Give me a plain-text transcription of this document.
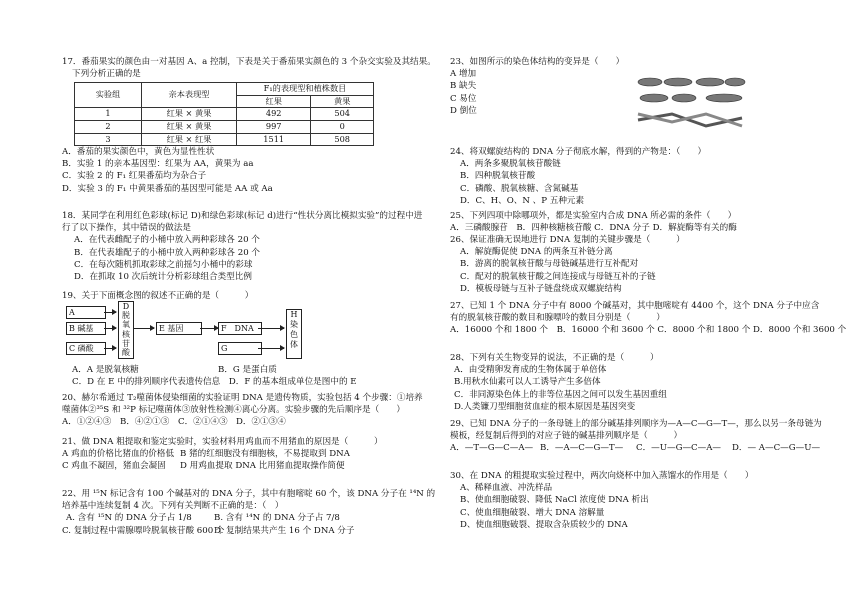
17．番茄果实的颜色由一对基因 A、a 控制，下表是关于番茄果实颜色的 3 个杂交实验及其结果。
下列分析正确的是
实验组	亲本表现型	F₁的表现型和植株数目	
		红果	黄果
1	红果 × 黄果	492	504
2	红果 × 黄果	997	0
3	红果 × 红果	1511	508
A．番茄的果实颜色中，黄色为显性性状
B．实验 1 的亲本基因型：红果为 AA，黄果为 aa
C．实验 2 的 F₁ 红果番茄均为杂合子
D．实验 3 的 F₁ 中黄果番茄的基因型可能是 AA 或 Aa
18．某同学在利用红色彩球(标记 D)和绿色彩球(标记 d)进行“性状分离比模拟实验”的过程中进
行了以下操作，其中错误的做法是
A．在代表雌配子的小桶中放入两种彩球各 20 个
B．在代表雄配子的小桶中放入两种彩球各 20 个
C．在每次随机抓取彩球之前摇匀小桶中的彩球
D．在抓取 10 次后统计分析彩球组合类型比例
19、关于下面概念图的叙述不正确的是（　　　）
A
B 碱基
C 磷酸
D
脱
氧
核
苷
酸
E 基因	F　DNA
G
H
染
色
体
A．A 是脱氧核糖	B．G 是蛋白质
C．D 在 E 中的排列顺序代表遗传信息　D．F 的基本组成单位是图中的 E
20、赫尔希通过 T₂噬菌体侵染细菌的实验证明 DNA 是遗传物质，实验包括 4 个步骤：①培养
噬菌体②³⁵S 和 ³²P 标记噬菌体③放射性检测④离心分离。实验步骤的先后顺序是（　　）
A．①②④③	B．④②①③	C．②①④③ D．②①③④
21、做 DNA 粗提取和鉴定实验时，实验材料用鸡血而不用猪血的原因是（　　　）
A 鸡血的价格比猪血的价格低 B 猪的红细胞没有细胞核，不易提取到 DNA
C 鸡血不凝固，猪血会凝固	D 用鸡血提取 DNA 比用猪血提取操作简便
22、用 ¹⁵N 标记含有 100 个碱基对的 DNA 分子，其中有胞嘧啶 60 个，该 DNA 分子在 ¹⁴N 的
培养基中连续复制 4 次。下列有关判断不正确的是：（　）
A. 含有 ¹⁵N 的 DNA 分子占 1/8	B. 含有 ¹⁴N 的 DNA 分子占 7/8
C. 复制过程中需腺嘌呤脱氧核苷酸 600 个
D. 复制结果共产生 16 个 DNA 分子
23、如图所示的染色体结构的变异是（　　）
A 增加
B 缺失
C 易位
D 倒位
24、将双螺旋结构的 DNA 分子彻底水解，得到的产物是：（　　）
A．两条多聚脱氧核苷酸链
B．四种脱氧核苷酸
C．磷酸、脱氧核糖、含氮碱基
D．C、H、O、N 、P 五种元素
25、下列四项中除哪项外，都是实验室内合成 DNA 所必需的条件（　　）
A．三磷酸腺苷　B．四种核糖核苷酸 C．DNA 分子 D．解旋酶等有关的酶
26、保证准确无误地进行 DNA 复制的关键步骤是（　　　）
A．解旋酶促使 DNA 的两条互补链分离
B．游离的脱氧核苷酸与母链碱基进行互补配对
C．配对的脱氧核苷酸之间连接成与母链互补的子链
D．模板母链与互补子链盘绕成双螺旋结构
27、已知 1 个 DNA 分子中有 8000 个碱基对，其中胞嘧啶有 4400 个，这个 DNA 分子中应含
有的脱氧核苷酸的数目和腺嘌呤的数目分别是（　　　）
A．16000 个和 1800 个　B．16000 个和 3600 个 C．8000 个和 1800 个 D．8000 个和 3600 个
28、下列有关生物变异的说法，不正确的是（　　　）
A．由受精卵发育成的生物体属于单倍体
B.用秋水仙素可以人工诱导产生多倍体
C．非同源染色体上的非等位基因之间可以发生基因重组
D.人类镰刀型细胞贫血症的根本原因是基因突变
29、已知 DNA 分子的一条母链上的部分碱基排列顺序为—A—C—G—T—，那么以另一条母链为
模板，经复制后得到的对应子链的碱基排列顺序是（　　　）
A．—T—G—C—A— B．—A—C—G—T—	C．—U—G—C—A—	D．— A—C—G—U—
30、在 DNA 的粗提取实验过程中，两次向烧杯中加入蒸馏水的作用是（　　）
A、稀释血液、冲洗样品
B、使血细胞破裂、降低 NaCl 浓度使 DNA 析出
C、使血细胞破裂、增大 DNA 溶解量
D、使血细胞破裂、提取含杂质较少的 DNA
